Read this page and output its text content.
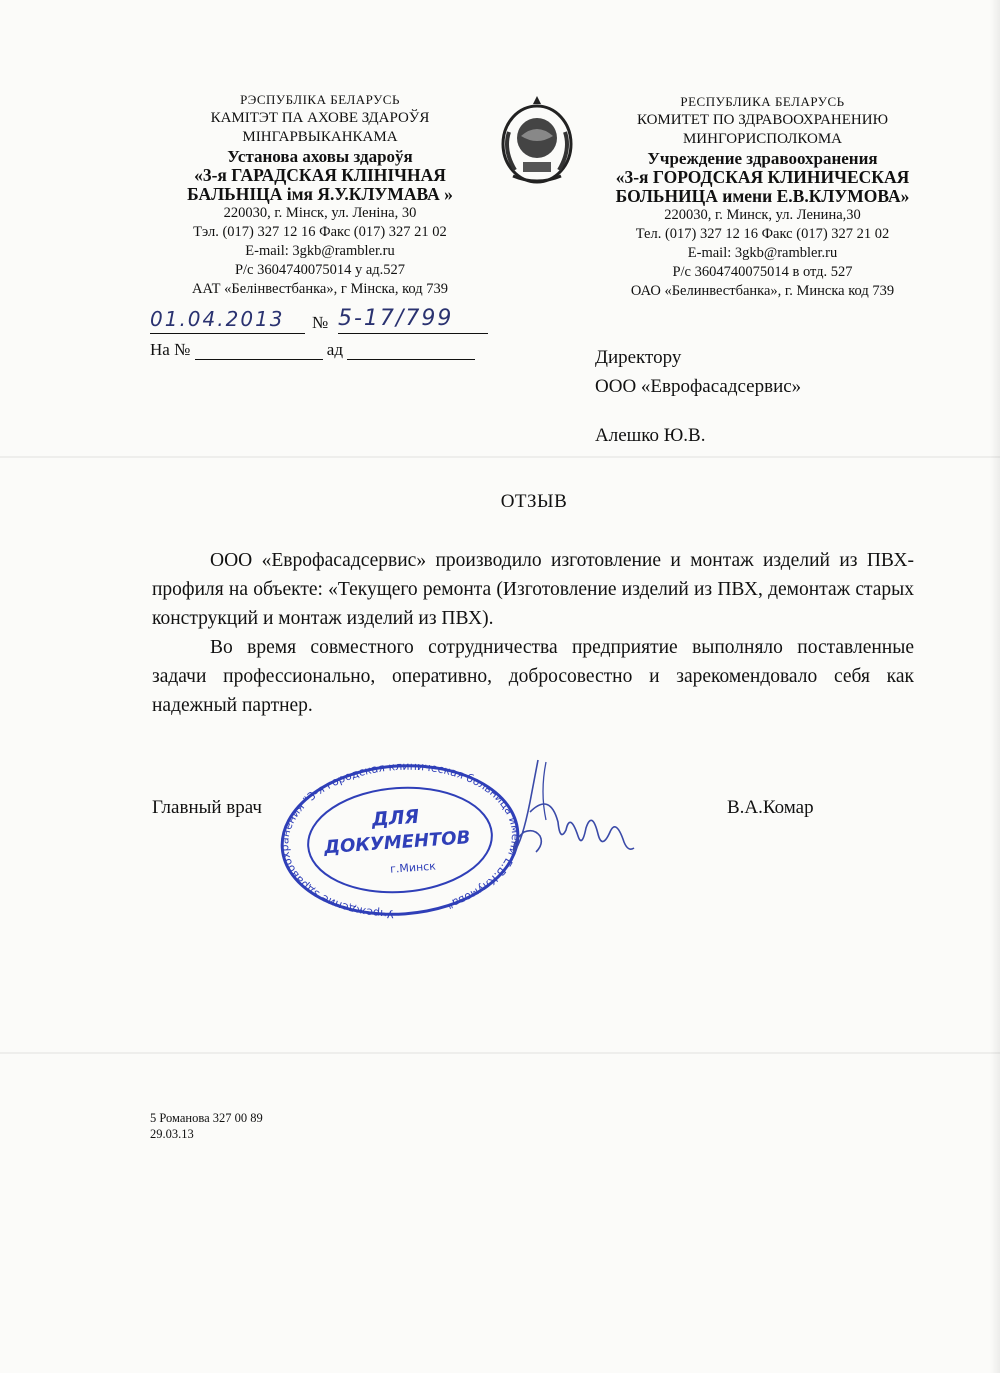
РЭСПУБЛІКА БЕЛАРУСЬ
КАМІТЭТ ПА АХОВЕ ЗДАРОЎЯ
МІНГАРВЫКАНКАМА
Установа аховы здароўя
«3-я ГАРАДСКАЯ КЛІНІЧНАЯ
БАЛЬНІЦА імя Я.У.КЛУМАВА »
220030, г. Мінск, ул. Леніна, 30
Тэл. (017) 327 12 16 Факс (017) 327 21 02
E-mail: 3gkb@rambler.ru
Р/с 3604740075014 у ад.527
ААТ «Белінвестбанка», г Мінска, код 739
РЕСПУБЛИКА БЕЛАРУСЬ
КОМИТЕТ ПО ЗДРАВООХРАНЕНИЮ
МИНГОРИСПОЛКОМА
Учреждение здравоохранения
«3-я ГОРОДСКАЯ КЛИНИЧЕСКАЯ
БОЛЬНИЦА имени Е.В.КЛУМОВА»
220030, г. Минск, ул. Ленина,30
Тел. (017) 327 12 16 Факс (017) 327 21 02
E-mail: 3gkb@rambler.ru
Р/с 3604740075014 в отд. 527
ОАО «Белинвестбанка», г. Минска код 739
01.04.2013	№ 5-17/799
На №	ад	Директору
ООО «Еврофасадсервис»
Алешко Ю.В.
ОТЗЫВ

ООО «Еврофасадсервис» производило изготовление и монтаж изделий из ПВХ-профиля на объекте: «Текущего ремонта (Изготовление изделий из ПВХ, демонтаж старых конструкций и монтаж изделий из ПВХ).

Во время совместного сотрудничества предприятие выполняло поставленные задачи профессионально, оперативно, добросовестно и зарекомендовало себя как надежный партнер.

Главный врач	В.А.Комар
Учреждение здравоохранения "3-я городская клиническая больница имени Е.В.Клумова"
ДЛЯ
ДОКУМЕНТОВ
г.Минск
5 Романова 327 00 89
29.03.13
